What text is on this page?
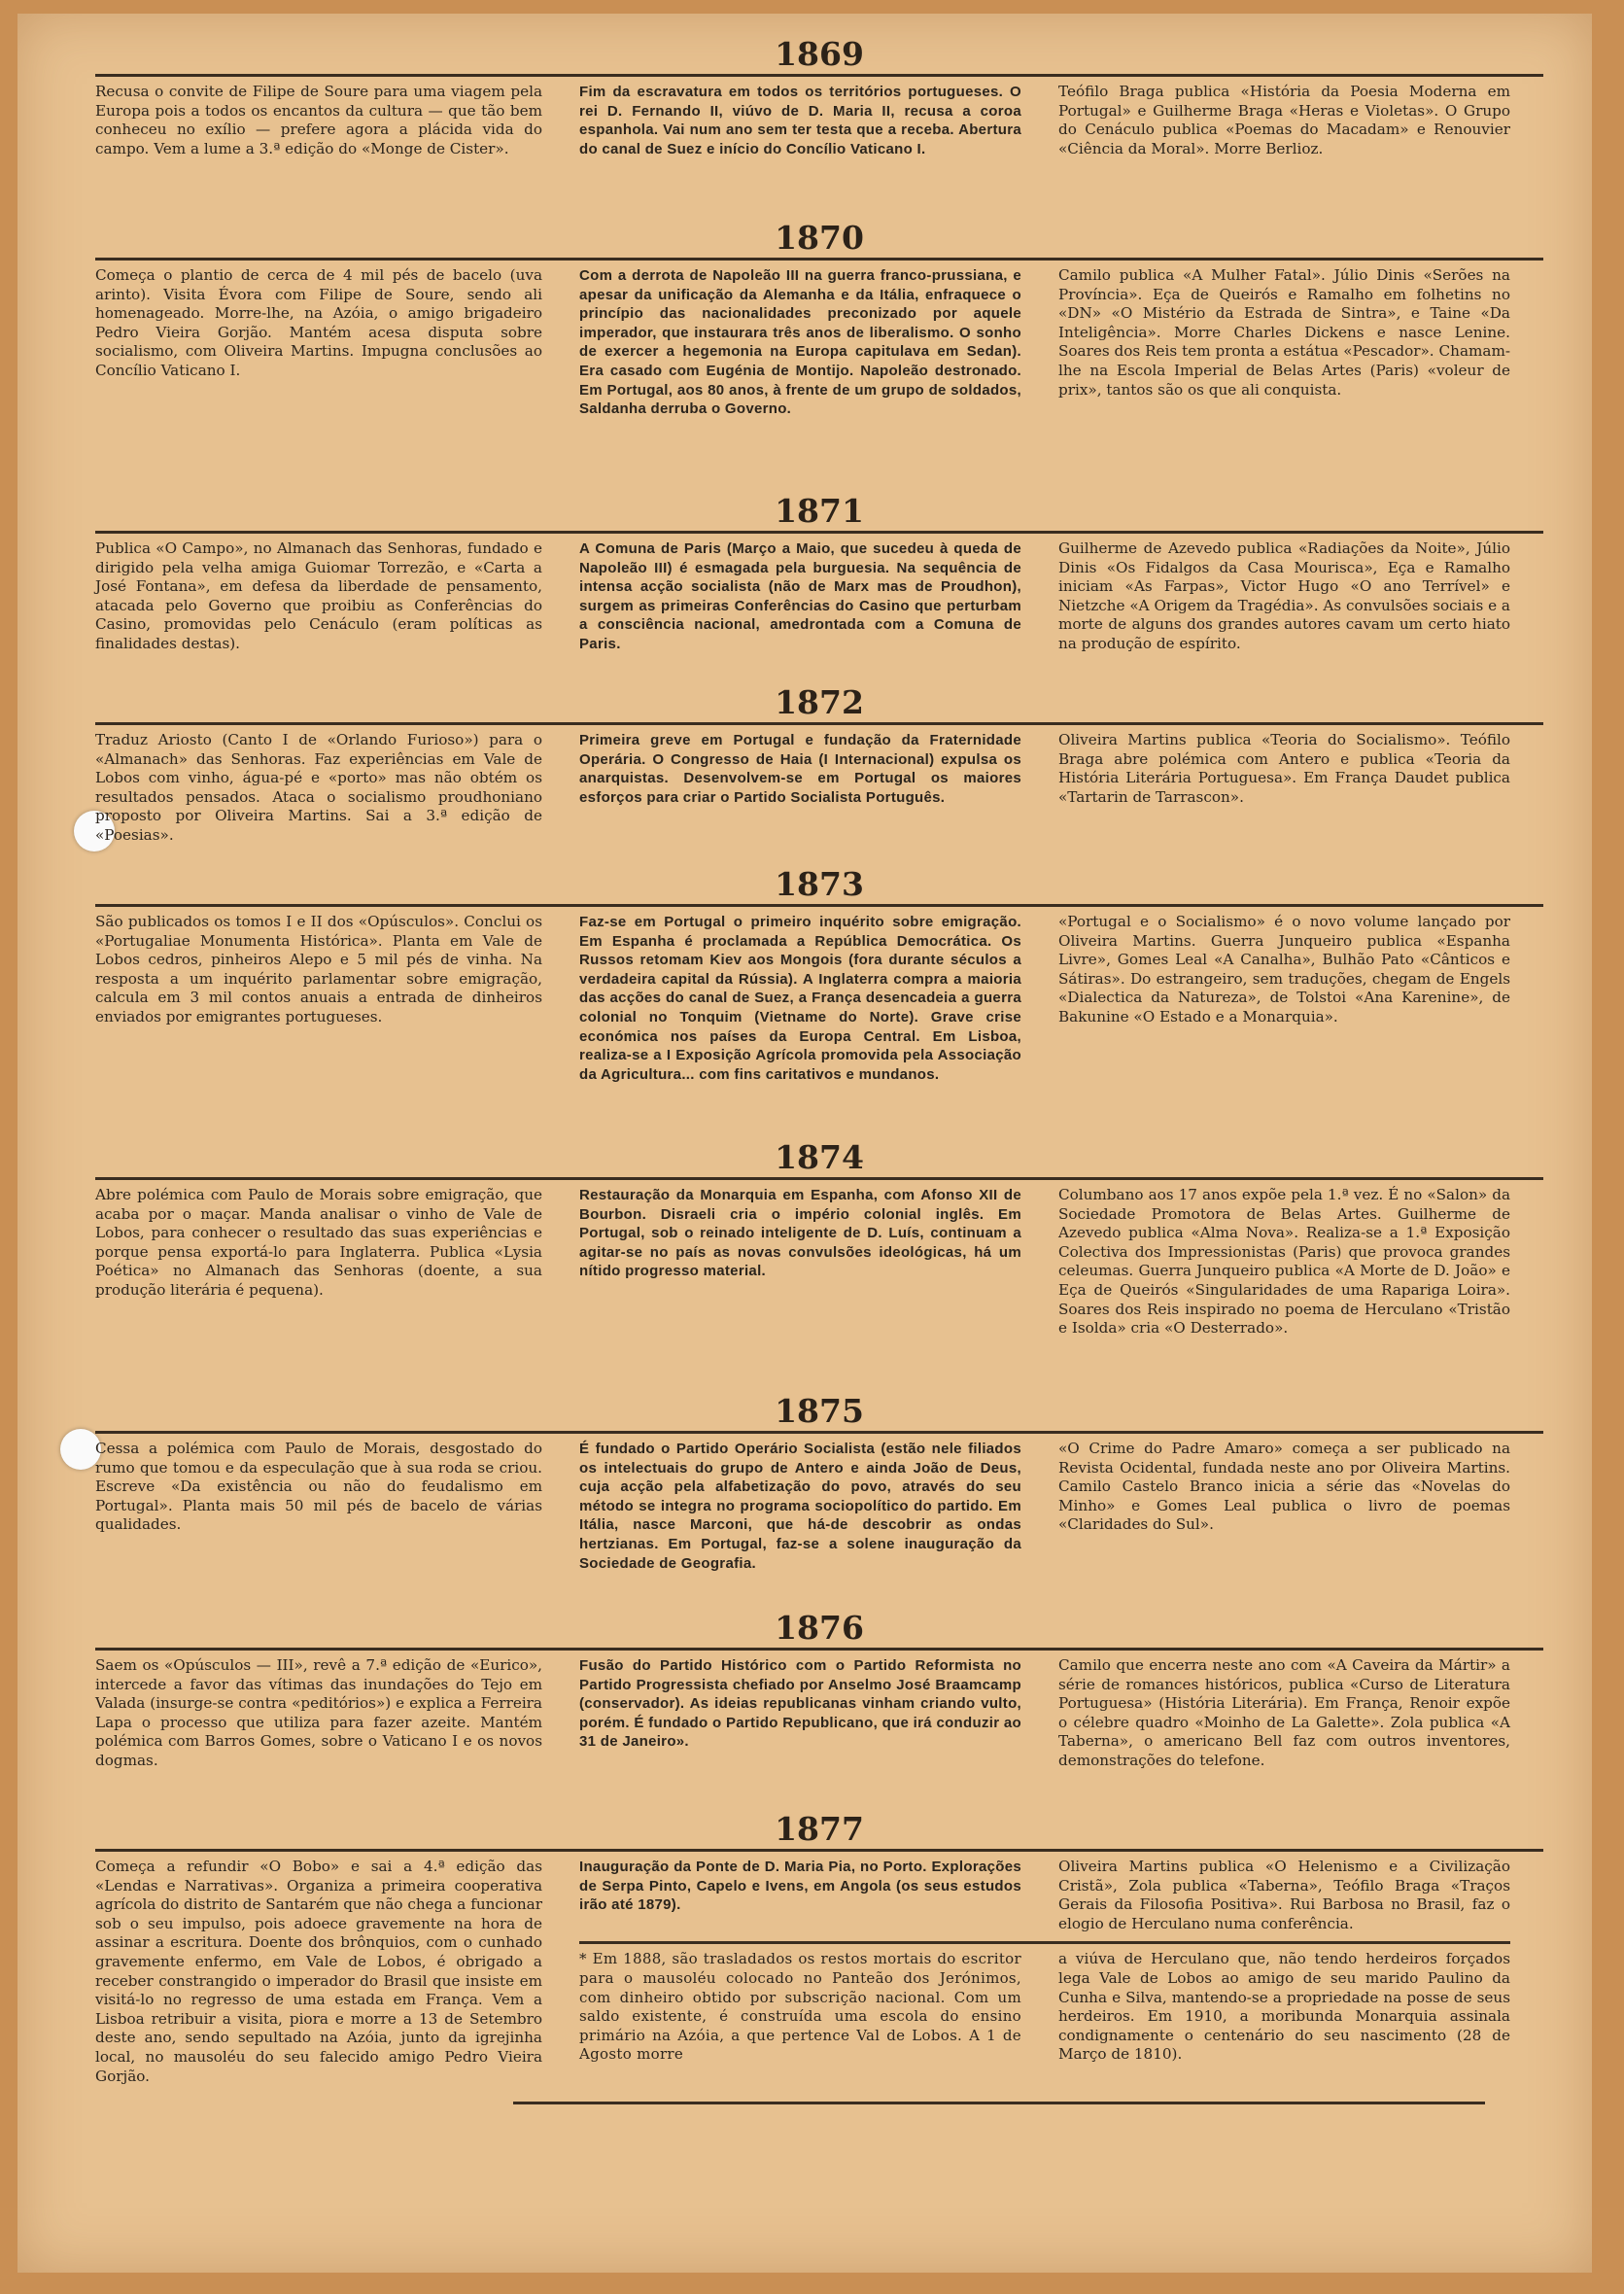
1869
Recusa o convite de Filipe de Soure para uma viagem pela Europa pois a todos os encantos da cultura — que tão bem conheceu no exílio — prefere agora a plácida vida do campo. Vem a lume a 3.ª edição do «Monge de Cister».
Fim da escravatura em todos os territórios portugueses. O rei D. Fernando II, viúvo de D. Maria II, recusa a coroa espanhola. Vai num ano sem ter testa que a receba. Abertura do canal de Suez e início do Concílio Vaticano I.
Teófilo Braga publica «História da Poesia Moderna em Portugal» e Guilherme Braga «Heras e Violetas». O Grupo do Cenáculo publica «Poemas do Macadam» e Renouvier «Ciência da Moral». Morre Berlioz.
1870
Começa o plantio de cerca de 4 mil pés de bacelo (uva arinto). Visita Évora com Filipe de Soure, sendo ali homenageado. Morre-lhe, na Azóia, o amigo brigadeiro Pedro Vieira Gorjão. Mantém acesa disputa sobre socialismo, com Oliveira Martins. Impugna conclusões ao Concílio Vaticano I.
Com a derrota de Napoleão III na guerra franco-prussiana, e apesar da unificação da Alemanha e da Itália, enfraquece o princípio das nacionalidades preconizado por aquele imperador, que instaurara três anos de liberalismo. O sonho de exercer a hegemonia na Europa capitulava em Sedan). Era casado com Eugénia de Montijo. Napoleão destronado. Em Portugal, aos 80 anos, à frente de um grupo de soldados, Saldanha derruba o Governo.
Camilo publica «A Mulher Fatal». Júlio Dinis «Serões na Província». Eça de Queirós e Ramalho em folhetins no «DN» «O Mistério da Estrada de Sintra», e Taine «Da Inteligência». Morre Charles Dickens e nasce Lenine. Soares dos Reis tem pronta a estátua «Pescador». Chamam-lhe na Escola Imperial de Belas Artes (Paris) «voleur de prix», tantos são os que ali conquista.
1871
Publica «O Campo», no Almanach das Senhoras, fundado e dirigido pela velha amiga Guiomar Torrezão, e «Carta a José Fontana», em defesa da liberdade de pensamento, atacada pelo Governo que proibiu as Conferências do Casino, promovidas pelo Cenáculo (eram políticas as finalidades destas).
A Comuna de Paris (Março a Maio, que sucedeu à queda de Napoleão III) é esmagada pela burguesia. Na sequência de intensa acção socialista (não de Marx mas de Proudhon), surgem as primeiras Conferências do Casino que perturbam a consciência nacional, amedrontada com a Comuna de Paris.
Guilherme de Azevedo publica «Radiações da Noite», Júlio Dinis «Os Fidalgos da Casa Mourisca», Eça e Ramalho iniciam «As Farpas», Victor Hugo «O ano Terrível» e Nietzche «A Origem da Tragédia». As convulsões sociais e a morte de alguns dos grandes autores cavam um certo hiato na produção de espírito.
1872
Traduz Ariosto (Canto I de «Orlando Furioso») para o «Almanach» das Senhoras. Faz experiências em Vale de Lobos com vinho, água-pé e «porto» mas não obtém os resultados pensados. Ataca o socialismo proudhoniano proposto por Oliveira Martins. Sai a 3.ª edição de «Poesias».
Primeira greve em Portugal e fundação da Fraternidade Operária. O Congresso de Haia (I Internacional) expulsa os anarquistas. Desenvolvem-se em Portugal os maiores esforços para criar o Partido Socialista Português.
Oliveira Martins publica «Teoria do Socialismo». Teófilo Braga abre polémica com Antero e publica «Teoria da História Literária Portuguesa». Em França Daudet publica «Tartarin de Tarrascon».
1873
São publicados os tomos I e II dos «Opúsculos». Conclui os «Portugaliae Monumenta Histórica». Planta em Vale de Lobos cedros, pinheiros Alepo e 5 mil pés de vinha. Na resposta a um inquérito parlamentar sobre emigração, calcula em 3 mil contos anuais a entrada de dinheiros enviados por emigrantes portugueses.
Faz-se em Portugal o primeiro inquérito sobre emigração. Em Espanha é proclamada a República Democrática. Os Russos retomam Kiev aos Mongois (fora durante séculos a verdadeira capital da Rússia). A Inglaterra compra a maioria das acções do canal de Suez, a França desencadeia a guerra colonial no Tonquim (Vietname do Norte). Grave crise económica nos países da Europa Central. Em Lisboa, realiza-se a I Exposição Agrícola promovida pela Associação da Agricultura... com fins caritativos e mundanos.
«Portugal e o Socialismo» é o novo volume lançado por Oliveira Martins. Guerra Junqueiro publica «Espanha Livre», Gomes Leal «A Canalha», Bulhão Pato «Cânticos e Sátiras». Do estrangeiro, sem traduções, chegam de Engels «Dialectica da Natureza», de Tolstoi «Ana Karenine», de Bakunine «O Estado e a Monarquia».
1874
Abre polémica com Paulo de Morais sobre emigração, que acaba por o maçar. Manda analisar o vinho de Vale de Lobos, para conhecer o resultado das suas experiências e porque pensa exportá-lo para Inglaterra. Publica «Lysia Poética» no Almanach das Senhoras (doente, a sua produção literária é pequena).
Restauração da Monarquia em Espanha, com Afonso XII de Bourbon. Disraeli cria o império colonial inglês. Em Portugal, sob o reinado inteligente de D. Luís, continuam a agitar-se no país as novas convulsões ideológicas, há um nítido progresso material.
Columbano aos 17 anos expõe pela 1.ª vez. É no «Salon» da Sociedade Promotora de Belas Artes. Guilherme de Azevedo publica «Alma Nova». Realiza-se a 1.ª Exposição Colectiva dos Impressionistas (Paris) que provoca grandes celeumas. Guerra Junqueiro publica «A Morte de D. João» e Eça de Queirós «Singularidades de uma Rapariga Loira». Soares dos Reis inspirado no poema de Herculano «Tristão e Isolda» cria «O Desterrado».
1875
Cessa a polémica com Paulo de Morais, desgostado do rumo que tomou e da especulação que à sua roda se criou. Escreve «Da existência ou não do feudalismo em Portugal». Planta mais 50 mil pés de bacelo de várias qualidades.
É fundado o Partido Operário Socialista (estão nele filiados os intelectuais do grupo de Antero e ainda João de Deus, cuja acção pela alfabetização do povo, através do seu método se integra no programa sociopolítico do partido. Em Itália, nasce Marconi, que há-de descobrir as ondas hertzianas. Em Portugal, faz-se a solene inauguração da Sociedade de Geografia.
«O Crime do Padre Amaro» começa a ser publicado na Revista Ocidental, fundada neste ano por Oliveira Martins. Camilo Castelo Branco inicia a série das «Novelas do Minho» e Gomes Leal publica o livro de poemas «Claridades do Sul».
1876
Saem os «Opúsculos — III», revê a 7.ª edição de «Eurico», intercede a favor das vítimas das inundações do Tejo em Valada (insurge-se contra «peditórios») e explica a Ferreira Lapa o processo que utiliza para fazer azeite. Mantém polémica com Barros Gomes, sobre o Vaticano I e os novos dogmas.
Fusão do Partido Histórico com o Partido Reformista no Partido Progressista chefiado por Anselmo José Braamcamp (conservador). As ideias republicanas vinham criando vulto, porém. É fundado o Partido Republicano, que irá conduzir ao 31 de Janeiro».
Camilo que encerra neste ano com «A Caveira da Mártir» a série de romances históricos, publica «Curso de Literatura Portuguesa» (História Literária). Em França, Renoir expõe o célebre quadro «Moinho de La Galette». Zola publica «A Taberna», o americano Bell faz com outros inventores, demonstrações do telefone.
1877
Começa a refundir «O Bobo» e sai a 4.ª edição das «Lendas e Narrativas». Organiza a primeira cooperativa agrícola do distrito de Santarém que não chega a funcionar sob o seu impulso, pois adoece gravemente na hora de assinar a escritura. Doente dos brônquios, com o cunhado gravemente enfermo, em Vale de Lobos, é obrigado a receber constrangido o imperador do Brasil que insiste em visitá-lo no regresso de uma estada em França. Vem a Lisboa retribuir a visita, piora e morre a 13 de Setembro deste ano, sendo sepultado na Azóia, junto da igrejinha local, no mausoléu do seu falecido amigo Pedro Vieira Gorjão.
Inauguração da Ponte de D. Maria Pia, no Porto. Explorações de Serpa Pinto, Capelo e Ivens, em Angola (os seus estudos irão até 1879).
Oliveira Martins publica «O Helenismo e a Civilização Cristã», Zola publica «Taberna», Teófilo Braga «Traços Gerais da Filosofia Positiva». Rui Barbosa no Brasil, faz o elogio de Herculano numa conferência.
* Em 1888, são trasladados os restos mortais do escritor para o mausoléu colocado no Panteão dos Jerónimos, com dinheiro obtido por subscrição nacional. Com um saldo existente, é construída uma escola do ensino primário na Azóia, a que pertence Val de Lobos. A 1 de Agosto morre
a viúva de Herculano que, não tendo herdeiros forçados lega Vale de Lobos ao amigo de seu marido Paulino da Cunha e Silva, mantendo-se a propriedade na posse de seus herdeiros. Em 1910, a moribunda Monarquia assinala condignamente o centenário do seu nascimento (28 de Março de 1810).
